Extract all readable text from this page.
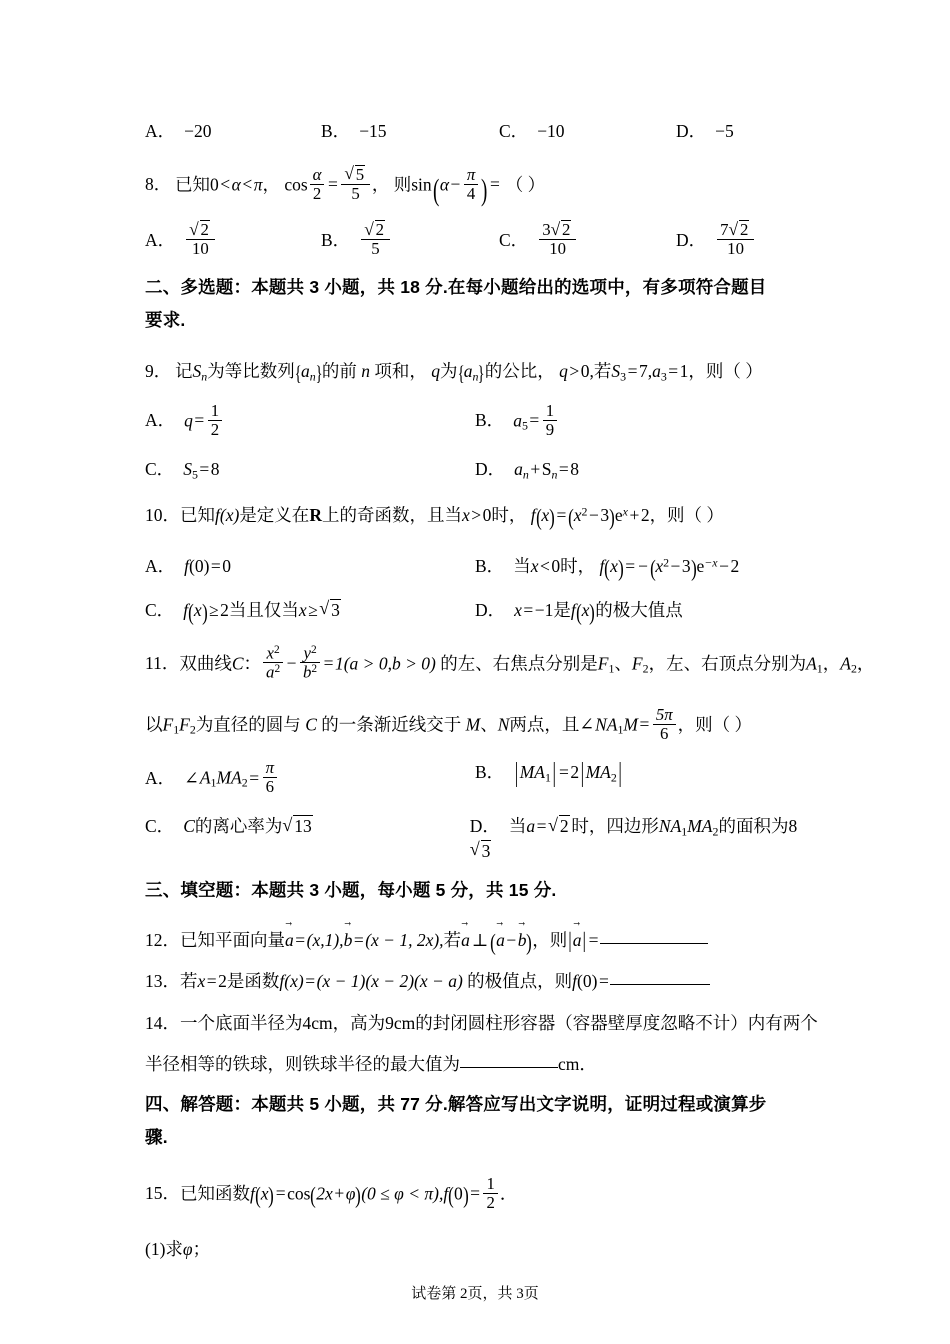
A． −20	B． −15	C． −10	D． −5
8． 已知0<α<π， $\cos \frac{\alpha}{2}$ = √ $\frac{5}{5}$ ， 则$\sin(\alpha- \frac{\pi}{4}$ ) = （ ）
A． √ $\frac{2}{10}$	B． √ $\frac{2}{5}$	C． $\frac{3 √ 2}{10}$	D． $\frac{7 √ 2}{10}$
二、多选题：本题共 3 小题，共 18 分.在每小题给出的选项中，有多项符合题目
要求.
9． 记$S_n$为等比数列$\{a_n\}$的前 n 项和， q为$\{a_n\}$的公比， q>0,若$S_3=7,a_3=1$，则（ ）
A． $q= \frac{1}{2}$	B． $a_5= \frac{1}{9}$
C． $S_5=8$	D． $a_n+S_n=8$
10．已知f(x)是定义在R上的奇函数，且当x>0时， $f(x)=(x^2-3)e^x+2$，则（ ）
A． f(0)=0	B． 当x<0时， $f(x)= -(x^2-3)e^{-x}-2$
C． f(x)≥2当且仅当x≥ √ 3	D． x=−1是f(x)的极大值点
11．双曲线C： $\frac{x^2}{a^2} - \frac{y^2}{b^2} =1(a > 0,b > 0)$ 的左、右焦点分别是$F_1$、$F_2$，左、右顶点分别为$A_1$，$A_2$，
以$F_1F_2$为直径的圆与 C 的一条渐近线交于 M、N两点，且$\angle NA_1M= \frac{5\pi}{6}$ ，则（ ）
A． $\angle A_1MA_2= \frac{\pi}{6}$	B． $|MA_1| =2|MA_2|$
C． C的离心率为 √ 13	D． 当a= √ 2 时，四边形$NA_1MA_2$的面积为8√ 3
三、填空题：本题共 3 小题，每小题 5 分，共 15 分.
12．已知平面向量a →=(x,1),b →=(x − 1, 2x),若a → ⊥(a →−b →)，则|a →| =
13．若x=2是函数f(x)=(x − 1)(x − 2)(x − a) 的极值点，则f(0)=
14．一个底面半径为4cm，高为9cm的封闭圆柱形容器（容器壁厚度忽略不计）内有两个
半径相等的铁球，则铁球半径的最大值为	cm．
四、解答题：本题共 5 小题，共 77 分.解答应写出文字说明，证明过程或演算步
骤.
15．已知函数$f(x)=\cos(2x+\varphi)(0 \le \varphi < \pi),f(0)= \frac{1}{2}$ ．
(1)求φ；
试卷第 2页，共 3页
